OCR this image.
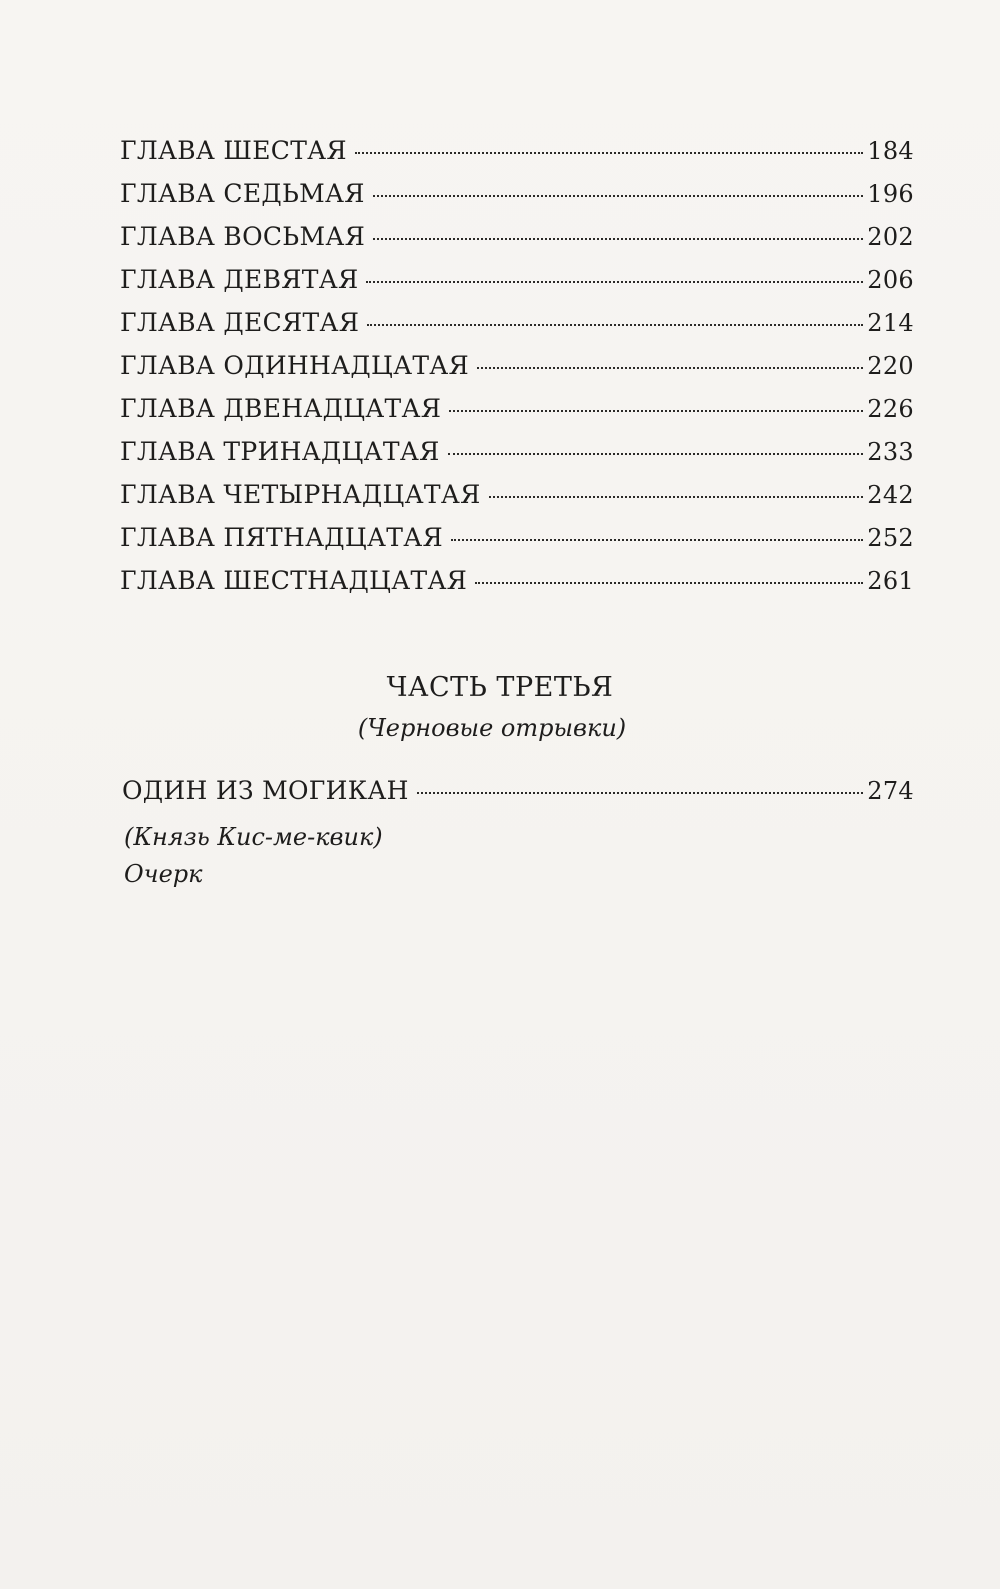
ГЛАВА ШЕСТАЯ	184
ГЛАВА СЕДЬМАЯ	196
ГЛАВА ВОСЬМАЯ	202
ГЛАВА ДЕВЯТАЯ	206
ГЛАВА ДЕСЯТАЯ	214
ГЛАВА ОДИННАДЦАТАЯ	220
ГЛАВА ДВЕНАДЦАТАЯ	226
ГЛАВА ТРИНАДЦАТАЯ	233
ГЛАВА ЧЕТЫРНАДЦАТАЯ	242
ГЛАВА ПЯТНАДЦАТАЯ	252
ГЛАВА ШЕСТНАДЦАТАЯ	261
ЧАСТЬ ТРЕТЬЯ
(Черновые отрывки)
ОДИН ИЗ МОГИКАН	274
(Князь Кис-ме-квик)
Очерк
